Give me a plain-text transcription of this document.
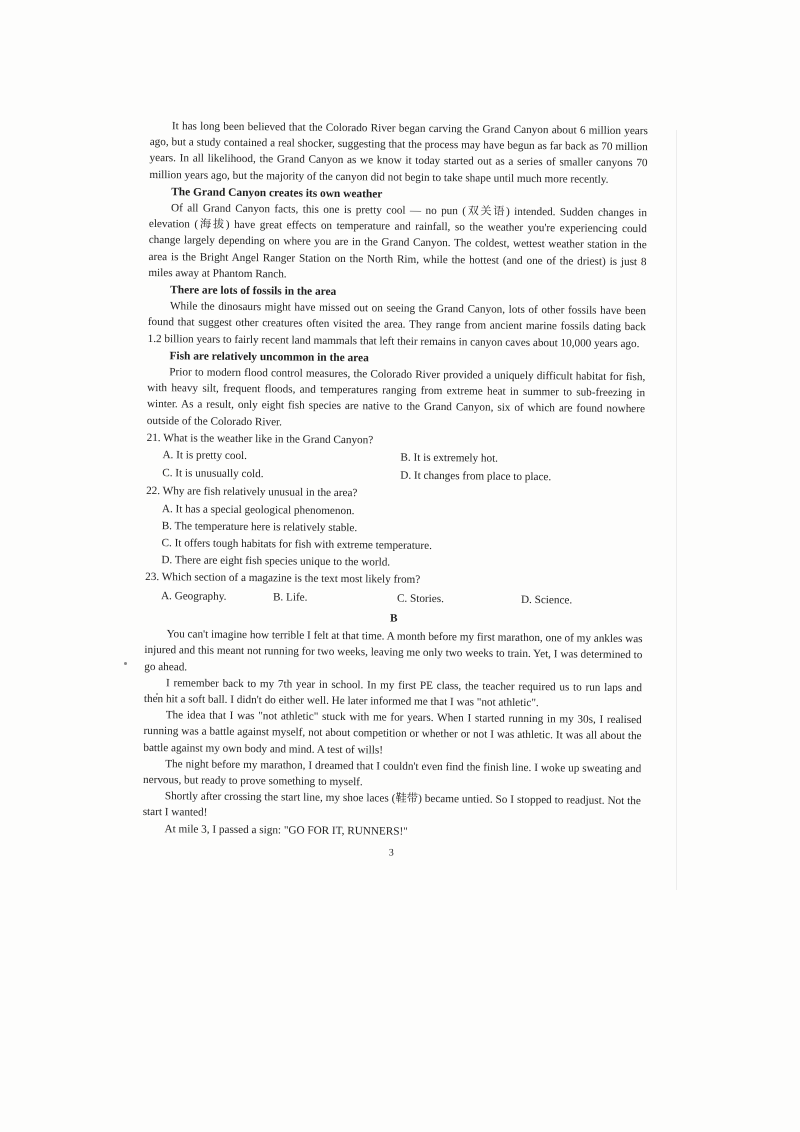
It has long been believed that the Colorado River began carving the Grand Canyon about 6 million years ago, but a study contained a real shocker, suggesting that the process may have begun as far back as 70 million years. In all likelihood, the Grand Canyon as we know it today started out as a series of smaller canyons 70 million years ago, but the majority of the canyon did not begin to take shape until much more recently.

The Grand Canyon creates its own weather

Of all Grand Canyon facts, this one is pretty cool — no pun (双关语) intended. Sudden changes in elevation (海拔) have great effects on temperature and rainfall, so the weather you're experiencing could change largely depending on where you are in the Grand Canyon. The coldest, wettest weather station in the area is the Bright Angel Ranger Station on the North Rim, while the hottest (and one of the driest) is just 8 miles away at Phantom Ranch.

There are lots of fossils in the area

While the dinosaurs might have missed out on seeing the Grand Canyon, lots of other fossils have been found that suggest other creatures often visited the area. They range from ancient marine fossils dating back 1.2 billion years to fairly recent land mammals that left their remains in canyon caves about 10,000 years ago.

Fish are relatively uncommon in the area

Prior to modern flood control measures, the Colorado River provided a uniquely difficult habitat for fish, with heavy silt, frequent floods, and temperatures ranging from extreme heat in summer to sub-freezing in winter. As a result, only eight fish species are native to the Grand Canyon, six of which are found nowhere outside of the Colorado River.

21. What is the weather like in the Grand Canyon?
A. It is pretty cool.	B. It is extremely hot.
C. It is unusually cold.	D. It changes from place to place.
22. Why are fish relatively unusual in the area?
A. It has a special geological phenomenon.
B. The temperature here is relatively stable.
C. It offers tough habitats for fish with extreme temperature.
D. There are eight fish species unique to the world.
23. Which section of a magazine is the text most likely from?
A. Geography.	B. Life.	C. Stories.	D. Science.
B

You can't imagine how terrible I felt at that time. A month before my first marathon, one of my ankles was injured and this meant not running for two weeks, leaving me only two weeks to train. Yet, I was determined to go ahead.

I remember back to my 7th year in school. In my first PE class, the teacher required us to run laps and then hit a soft ball. I didn't do either well. He later informed me that I was "not athletic".

The idea that I was "not athletic" stuck with me for years. When I started running in my 30s, I realised running was a battle against myself, not about competition or whether or not I was athletic. It was all about the battle against my own body and mind. A test of wills!

The night before my marathon, I dreamed that I couldn't even find the finish line. I woke up sweating and nervous, but ready to prove something to myself.

Shortly after crossing the start line, my shoe laces (鞋带) became untied. So I stopped to readjust. Not the start I wanted!

At mile 3, I passed a sign: "GO FOR IT, RUNNERS!"

3
